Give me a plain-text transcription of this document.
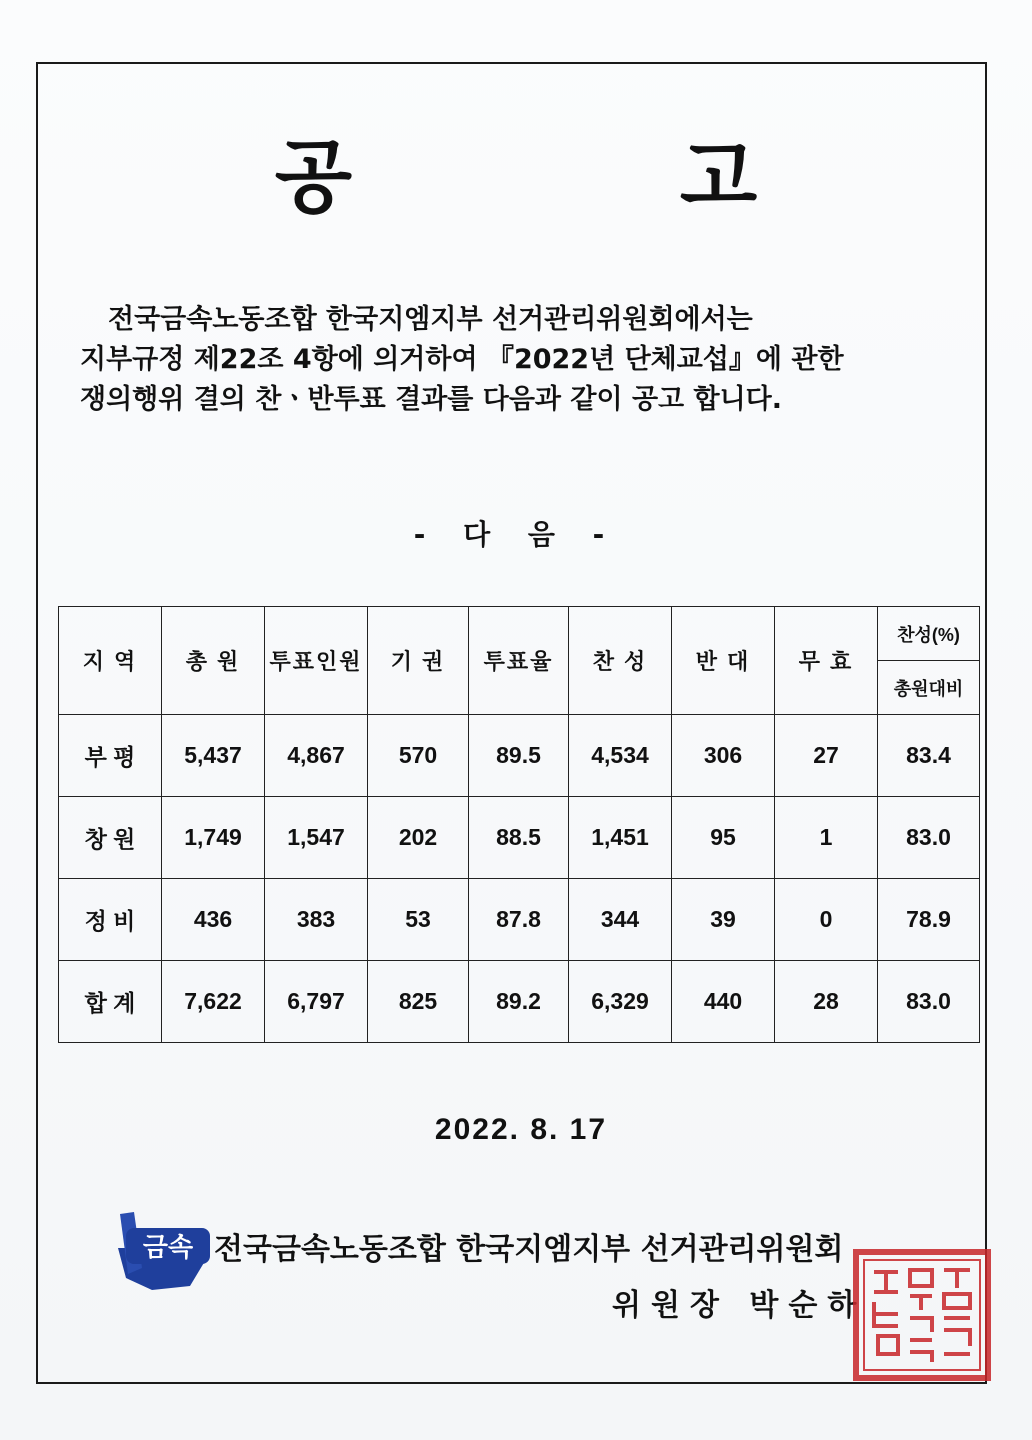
공 고
전국금속노동조합 한국지엠지부 선거관리위원회에서는
지부규정 제22조 4항에 의거하여 『2022년 단체교섭』에 관한
쟁의행위 결의 찬ㆍ반투표 결과를 다음과 같이 공고 합니다.
- 다 음 -
지 역	총 원	투표인원	기 권	투표율	찬 성	반 대	무 효	찬성(%)
								총원대비
부 평	5,437	4,867	570	89.5	4,534	306	27	83.4
창 원	1,749	1,547	202	88.5	1,451	95	1	83.0
정 비	436	383	53	87.8	344	39	0	78.9
합 계	7,622	6,797	825	89.2	6,329	440	28	83.0
2022. 8. 17
금속 전국금속노동조합 한국지엠지부 선거관리위원회
위원장 박순하
